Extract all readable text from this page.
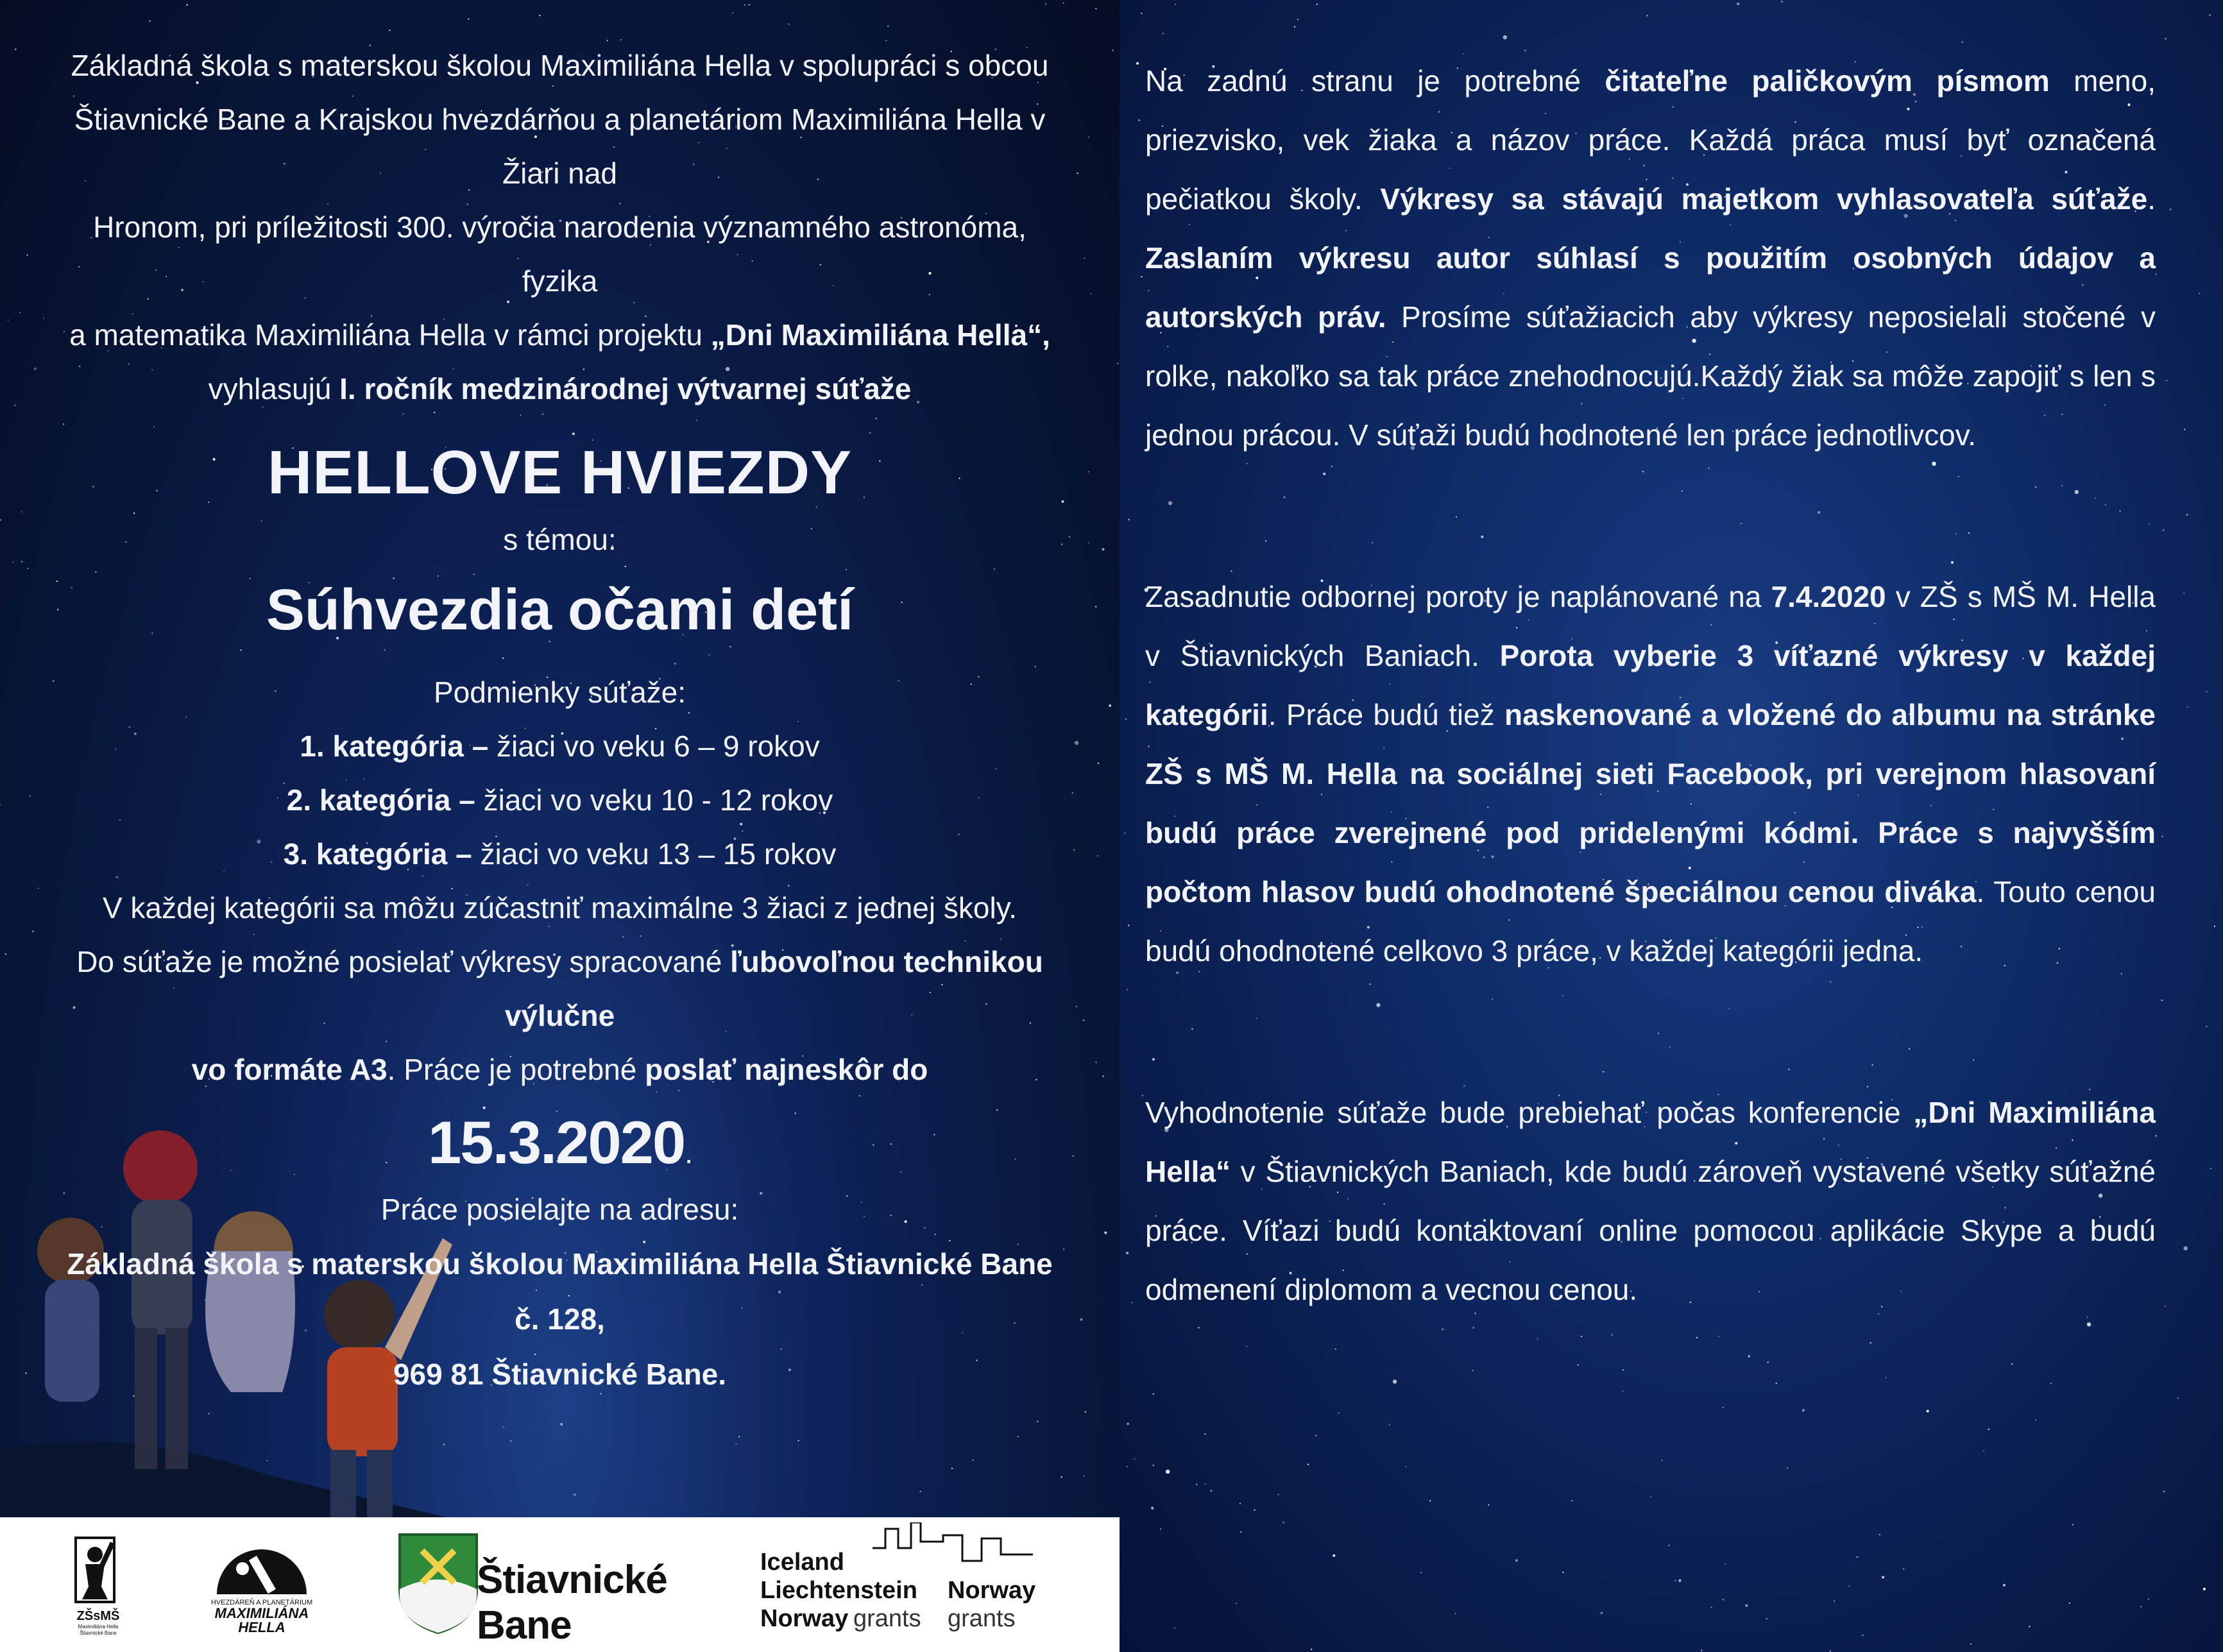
Základná škola s materskou školou Maximiliána Hella v spolupráci s obcou

Štiavnické Bane a Krajskou hvezdárňou a planetáriom Maximiliána Hella v Žiari nad

Hronom, pri príležitosti 300. výročia narodenia významného astronóma, fyzika

a matematika Maximiliána Hella v rámci projektu „Dni Maximiliána Hella“,

vyhlasujú I. ročník medzinárodnej výtvarnej súťaže

HELLOVE HVIEZDY
s témou:
Súhvezdia očami detí

Podmienky súťaže:

1. kategória – žiaci vo veku 6 – 9 rokov

2. kategória – žiaci vo veku 10 - 12 rokov

3. kategória – žiaci vo veku 13 – 15 rokov

V každej kategórii sa môžu zúčastniť maximálne 3 žiaci z jednej školy.

Do súťaže je možné posielať výkresy spracované ľubovoľnou technikou výlučne

vo formáte A3. Práce je potrebné poslať najneskôr do

15.3.2020.

Práce posielajte na adresu:

Základná škola s materskou školou Maximiliána Hella Štiavnické Bane č. 128,

969 81 Štiavnické Bane.

ZŠsMŠ
Maximiliána Hella Štiavnické Bane
HVEZDÁREŇ A PLANETÁRIUM
MAXIMILIÁNA
HELLA
Štiavnické Bane
Iceland
Liechtenstein
Norway grants
Norway
grants

Na zadnú stranu je potrebné čitateľne paličkovým písmom meno, priezvisko, vek žiaka a názov práce. Každá práca musí byť označená pečiatkou školy. Výkresy sa stávajú majetkom vyhlasovateľa súťaže. Zaslaním výkresu autor súhlasí s použitím osobných údajov a autorských práv. Prosíme súťažiacich aby výkresy neposielali stočené v rolke, nakoľko sa tak práce znehodnocujú.Každý žiak sa môže zapojiť s len s jednou prácou. V súťaži budú hodnotené len práce jednotlivcov.

Zasadnutie odbornej poroty je naplánované na 7.4.2020 v ZŠ s MŠ M. Hella v Štiavnických Baniach. Porota vyberie 3 víťazné výkresy v každej kategórii. Práce budú tiež naskenované a vložené do albumu na stránke ZŠ s MŠ M. Hella na sociálnej sieti Facebook, pri verejnom hlasovaní budú práce zverejnené pod pridelenými kódmi. Práce s najvyšším počtom hlasov budú ohodnotené špeciálnou cenou diváka. Touto cenou budú ohodnotené celkovo 3 práce, v každej kategórii jedna.

Vyhodnotenie súťaže bude prebiehať počas konferencie „Dni Maximiliána Hella“ v Štiavnických Baniach, kde budú zároveň vystavené všetky súťažné práce. Víťazi budú kontaktovaní online pomocou aplikácie Skype a budú odmenení diplomom a vecnou cenou.
